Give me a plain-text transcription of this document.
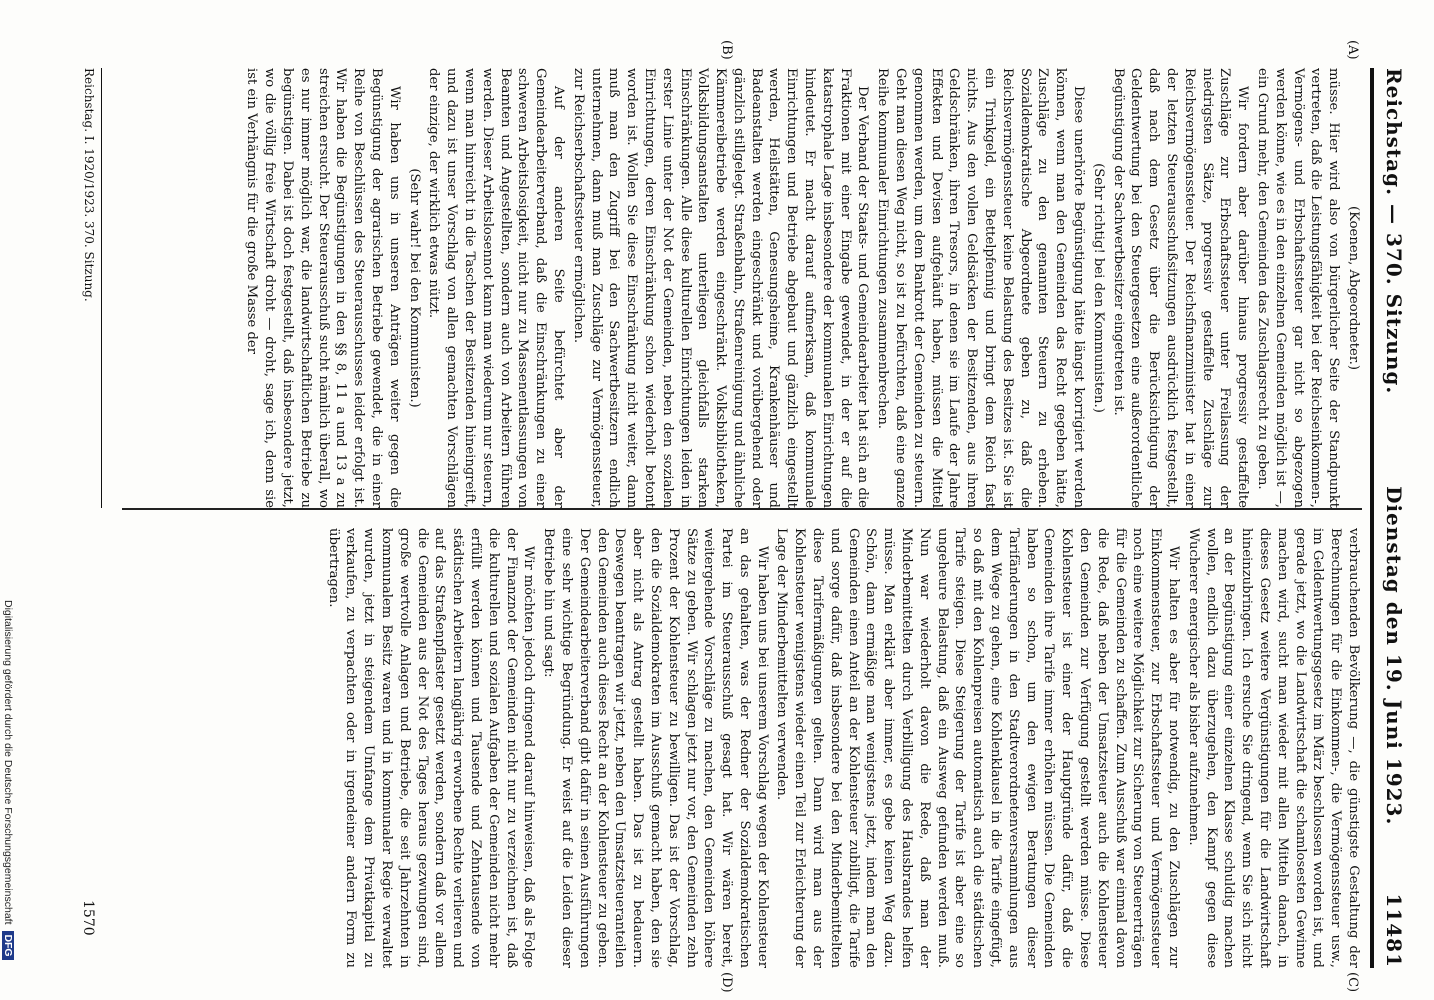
Reichstag. — 370. Sitzung.
Dienstag den 19. Juni 1923. 11481
(A)
(B)
(C)
(D)

(Koenen, Abgeordneter.)

müsse. Hier wird also von bürgerlicher Seite der Standpunkt vertreten, daß die Leistungsfähigkeit bei der Reichseinkommen-, Vermögens- und Erbschaftssteuer gar nicht so abgezogen werden könne, wie es in den einzelnen Gemeinden möglich ist —, ein Grund mehr, den Gemeinden das Zuschlagsrecht zu geben.

Wir fordern aber darüber hinaus progressiv gestaffelte Zuschläge zur Erbschaftssteuer unter Freilassung der niedrigsten Sätze, progressiv gestaffelte Zuschläge zur Reichsvermögenssteuer. Der Reichsfinanzminister hat in einer der letzten Steuerausschußsitzungen ausdrücklich festgestellt, daß nach dem Gesetz über die Berücksichtigung der Geldentwertung bei den Steuergesetzen eine außerordentliche Begünstigung der Sachwertbesitzer eingetreten ist.

(Sehr richtig! bei den Kommunisten.)

Diese unerhörte Begünstigung hätte längst korrigiert werden können, wenn man den Gemeinden das Recht gegeben hätte, Zuschläge zu den genannten Steuern zu erheben. Sozialdemokratische Abgeordnete geben zu, daß die Reichsvermögenssteuer keine Belastung des Besitzes ist. Sie ist ein Trinkgeld, ein Bettelpfennig und bringt dem Reich fast nichts. Aus den vollen Geldsäcken der Besitzenden, aus ihren Geldschränken, ihren Tresors, in denen sie im Laufe der Jahre Effekten und Devisen aufgehäuft haben, müssen die Mittel genommen werden, um dem Bankrott der Gemeinden zu steuern. Geht man diesen Weg nicht, so ist zu befürchten, daß eine ganze Reihe kommunaler Einrichtungen zusammenbrechen.

Der Verband der Staats- und Gemeindearbeiter hat sich an die Fraktionen mit einer Eingabe gewendet, in der er auf die katastrophale Lage insbesondere der kommunalen Einrichtungen hindeutet. Er macht darauf aufmerksam, daß kommunale Einrichtungen und Betriebe abgebaut und gänzlich eingestellt werden, Heilstätten, Genesungsheime, Krankenhäuser und Badeanstalten werden eingeschränkt und vorübergehend oder gänzlich stillgelegt. Straßenbahn, Straßenreinigung und ähnliche Kämmereibetriebe werden eingeschränkt. Volksbibliotheken, Volksbildungsanstalten unterliegen gleichfalls starken Einschränkungen. Alle diese kulturellen Einrichtungen leiden in erster Linie unter der Not der Gemeinden, neben den sozialen Einrichtungen, deren Einschränkung schon wiederholt betont worden ist. Wollen Sie diese Einschränkung nicht weiter, dann muß man den Zugriff bei den Sachwertbesitzern endlich unternehmen, dann muß man Zuschläge zur Vermögenssteuer, zur Reichserbschaftssteuer ermöglichen.

Auf der anderen Seite befürchtet aber der Gemeindearbeiterverband, daß die Einschränkungen zu einer schweren Arbeitslosigkeit, nicht nur zu Massenentlassungen von Beamten und Angestellten, sondern auch von Arbeitern führen werden. Dieser Arbeitslosennot kann man wiederum nur steuern, wenn man hinreicht in die Taschen der Besitzenden hineingreift, und dazu ist unser Vorschlag von allen gemachten Vorschlägen der einzige, der wirklich etwas nützt.

(Sehr wahr! bei den Kommunisten.)

Wir haben uns in unseren Anträgen weiter gegen die Begünstigung der agrarischen Betriebe gewendet, die in einer Reihe von Beschlüssen des Steuerausschusses leider erfolgt ist. Wir haben die Begünstigungen in den §§ 8, 11 a und 13 a zu streichen ersucht. Der Steuerausschuß sucht nämlich überall, wo es nur immer möglich war, die landwirtschaftlichen Betriebe zu begünstigen. Dabei ist doch festgestellt, daß insbesondere jetzt, wo die völlig freie Wirtschaft droht — droht, sage ich, denn sie ist ein Verhängnis für die große Masse der

verbrauchenden Bevölkerung —, die günstigste Gestaltung der Berechnungen für die Einkommen-, die Vermögenssteuer usw., im Geldentwertungsgesetz im März beschlossen worden ist, und gerade jetzt, wo die Landwirtschaft die schamlosesten Gewinne machen wird, sucht man wieder mit allen Mitteln danach, in dieses Gesetz weitere Vergünstigungen für die Landwirtschaft hineinzubringen. Ich ersuche Sie dringend, wenn Sie sich nicht an der Begünstigung einer einzelnen Klasse schuldig machen wollen, endlich dazu überzugehen, den Kampf gegen diese Wucherer energischer als bisher aufzunehmen.

Wir halten es aber für notwendig, zu den Zuschlägen zur Einkommensteuer, zur Erbschaftssteuer und Vermögenssteuer noch eine weitere Möglichkeit zur Sicherung von Steuererträgen für die Gemeinden zu schaffen. Zum Ausschuß war einmal davon die Rede, daß neben der Umsatzsteuer auch die Kohlensteuer den Gemeinden zur Verfügung gestellt werden müsse. Diese Kohlensteuer ist einer der Hauptgründe dafür, daß die Gemeinden ihre Tarife immer erhöhen müssen. Die Gemeinden haben so schon, um den ewigen Beratungen dieser Tarifänderungen in den Stadtverordnetenversammlungen aus dem Wege zu gehen, eine Kohlenklausel in die Tarife eingefügt, so daß mit den Kohlenpreisen automatisch auch die städtischen Tarife steigen. Diese Steigerung der Tarife ist aber eine so ungeheure Belastung, daß ein Ausweg gefunden werden muß. Nun war wiederholt davon die Rede, daß man der Minderbemittelten durch Verbilligung des Hausbrandes helfen müsse. Man erklärt aber immer, es gebe keinen Weg dazu. Schön, dann ermäßige man wenigstens jetzt, indem man den Gemeinden einen Anteil an der Kohlensteuer zubilligt, die Tarife und sorge dafür, daß insbesondere bei den Minderbemittelten diese Tarifermäßigungen gelten. Dann wird man aus der Kohlensteuer wenigstens wieder einen Teil zur Erleichterung der Lage der Minderbemittelten verwenden.

Wir haben uns bei unserem Vorschlag wegen der Kohlensteuer an das gehalten, was der Redner der Sozialdemokratischen Partei im Steuerausschuß gesagt hat. Wir wären bereit, weitergehende Vorschläge zu machen, den Gemeinden höhere Sätze zu geben. Wir schlagen jetzt nur vor, den Gemeinden zehn Prozent der Kohlensteuer zu bewilligen. Das ist der Vorschlag, den die Sozialdemokraten im Ausschuß gemacht haben, den sie aber nicht als Antrag gestellt haben. Das ist zu bedauern. Deswegen beantragen wir jetzt, neben den Umsatzsteueranteilen den Gemeinden auch dieses Recht an der Kohlensteuer zu geben. Der Gemeindearbeiterverband gibt dafür in seinen Ausführungen eine sehr wichtige Begründung. Er weist auf die Leiden dieser Betriebe hin und sagt:

Wir möchten jedoch dringend darauf hinweisen, daß als Folge der Finanznot der Gemeinden nicht nur zu verzeichnen ist, daß die kulturellen und sozialen Aufgaben der Gemeinden nicht mehr erfüllt werden können und Tausende und Zehntausende von städtischen Arbeitern langjährig erworbene Rechte verlieren und auf das Straßenpflaster gesetzt werden, sondern daß vor allem die Gemeinden aus der Not des Tages heraus gezwungen sind, große wertvolle Anlagen und Betriebe, die seit Jahrzehnten in kommunalem Besitz waren und in kommunaler Regie verwaltet wurden, jetzt in steigendem Umfange dem Privatkapital zu verkaufen, zu verpachten oder in irgendeiner andern Form zu übertragen.

Reichstag. I. 1920/1923. 370. Sitzung.
1570
Digitalisierung gefördert durch die Deutsche Forschungsgemeinschaft DFG
